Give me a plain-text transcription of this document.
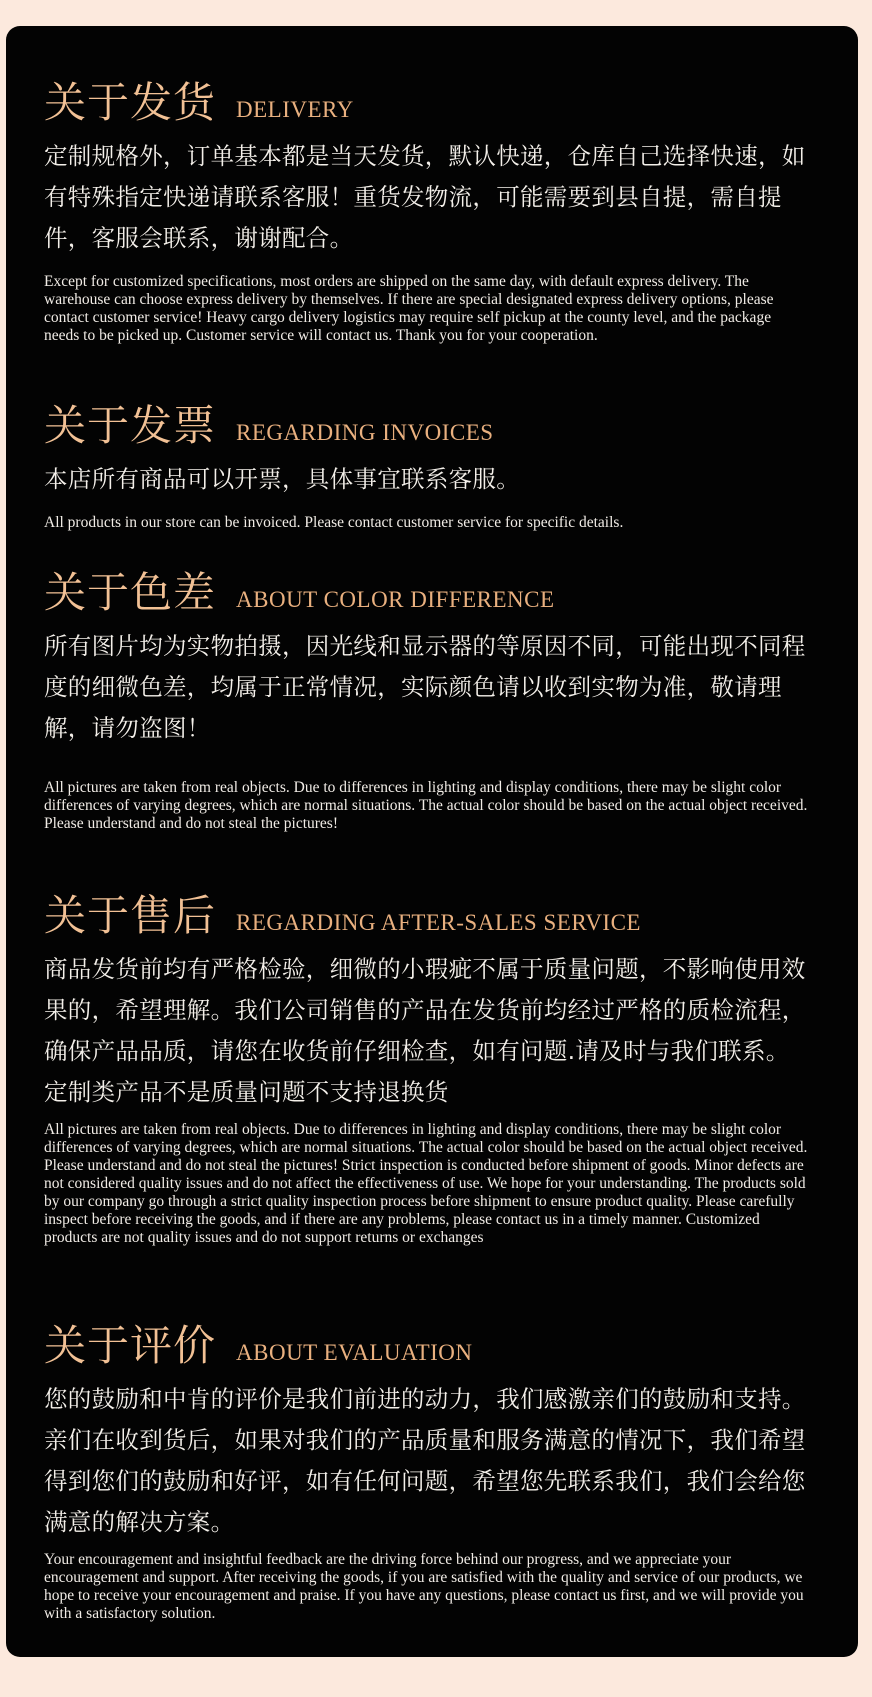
关于发货 DELIVERY

定制规格外，订单基本都是当天发货，默认快递，仓库自己选择快速，如有特殊指定快递请联系客服！重货发物流，可能需要到县自提，需自提件，客服会联系，谢谢配合。

Except for customized specifications, most orders are shipped on the same day, with default express delivery. The warehouse can choose express delivery by themselves. If there are special designated express delivery options, please contact customer service! Heavy cargo delivery logistics may require self pickup at the county level, and the package needs to be picked up. Customer service will contact us. Thank you for your cooperation.

关于发票 REGARDING INVOICES

本店所有商品可以开票，具体事宜联系客服。

All products in our store can be invoiced. Please contact customer service for specific details.

关于色差 ABOUT COLOR DIFFERENCE

所有图片均为实物拍摄，因光线和显示器的等原因不同，可能出现不同程度的细微色差，均属于正常情况，实际颜色请以收到实物为准，敬请理解，请勿盗图！

All pictures are taken from real objects. Due to differences in lighting and display conditions, there may be slight color differences of varying degrees, which are normal situations. The actual color should be based on the actual object received. Please understand and do not steal the pictures!

关于售后 REGARDING AFTER-SALES SERVICE

商品发货前均有严格检验，细微的小瑕疵不属于质量问题，不影响使用效果的，希望理解。我们公司销售的产品在发货前均经过严格的质检流程，确保产品品质，请您在收货前仔细检查，如有问题.请及时与我们联系。定制类产品不是质量问题不支持退换货

All pictures are taken from real objects. Due to differences in lighting and display conditions, there may be slight color differences of varying degrees, which are normal situations. The actual color should be based on the actual object received. Please understand and do not steal the pictures! Strict inspection is conducted before shipment of goods. Minor defects are not considered quality issues and do not affect the effectiveness of use. We hope for your understanding. The products sold by our company go through a strict quality inspection process before shipment to ensure product quality. Please carefully inspect before receiving the goods, and if there are any problems, please contact us in a timely manner. Customized products are not quality issues and do not support returns or exchanges

关于评价 ABOUT EVALUATION

您的鼓励和中肯的评价是我们前进的动力，我们感激亲们的鼓励和支持。亲们在收到货后，如果对我们的产品质量和服务满意的情况下，我们希望得到您们的鼓励和好评，如有任何问题，希望您先联系我们，我们会给您满意的解决方案。

Your encouragement and insightful feedback are the driving force behind our progress, and we appreciate your encouragement and support. After receiving the goods, if you are satisfied with the quality and service of our products, we hope to receive your encouragement and praise. If you have any questions, please contact us first, and we will provide you with a satisfactory solution.
